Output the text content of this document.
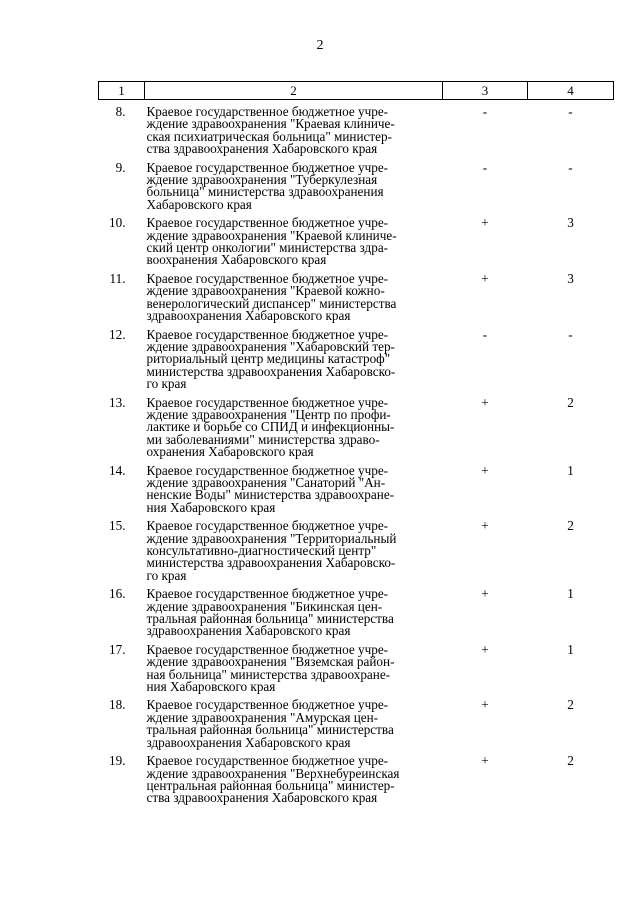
2
1	2	3	4
8.	Краевое государственное бюджетное учре-
ждение здравоохранения "Краевая клиниче-
ская психиатрическая больница" министер-
ства здравоохранения Хабаровского края	-	-
9.	Краевое государственное бюджетное учре-
ждение здравоохранения "Туберкулезная
больница" министерства здравоохранения
Хабаровского края	-	-
10.	Краевое государственное бюджетное учре-
ждение здравоохранения "Краевой клиниче-
ский центр онкологии" министерства здра-
воохранения Хабаровского края	+	3
11.	Краевое государственное бюджетное учре-
ждение здравоохранения "Краевой кожно-
венерологический диспансер" министерства
здравоохранения Хабаровского края	+	3
12.	Краевое государственное бюджетное учре-
ждение здравоохранения "Хабаровский тер-
риториальный центр медицины катастроф"
министерства здравоохранения Хабаровско-
го края	-	-
13.	Краевое государственное бюджетное учре-
ждение здравоохранения "Центр по профи-
лактике и борьбе со СПИД и инфекционны-
ми заболеваниями" министерства здраво-
охранения Хабаровского края	+	2
14.	Краевое государственное бюджетное учре-
ждение здравоохранения "Санаторий "Ан-
ненские Воды" министерства здравоохране-
ния Хабаровского края	+	1
15.	Краевое государственное бюджетное учре-
ждение здравоохранения "Территориальный
консультативно-диагностический центр"
министерства здравоохранения Хабаровско-
го края	+	2
16.	Краевое государственное бюджетное учре-
ждение здравоохранения "Бикинская цен-
тральная районная больница" министерства
здравоохранения Хабаровского края	+	1
17.	Краевое государственное бюджетное учре-
ждение здравоохранения "Вяземская район-
ная больница" министерства здравоохране-
ния Хабаровского края	+	1
18.	Краевое государственное бюджетное учре-
ждение здравоохранения "Амурская цен-
тральная районная больница" министерства
здравоохранения Хабаровского края	+	2
19.	Краевое государственное бюджетное учре-
ждение здравоохранения "Верхнебуреинская
центральная районная больница" министер-
ства здравоохранения Хабаровского края	+	2
